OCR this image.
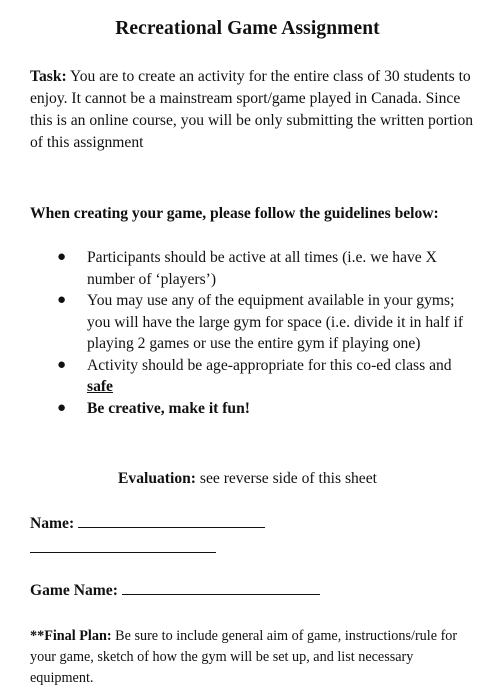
Recreational Game Assignment
Task: You are to create an activity for the entire class of 30 students to enjoy. It cannot be a mainstream sport/game played in Canada. Since this is an online course, you will be only submitting the written portion of this assignment
When creating your game, please follow the guidelines below:
● Participants should be active at all times (i.e. we have X number of ‘players’)
● You may use any of the equipment available in your gyms; you will have the large gym for space (i.e. divide it in half if playing 2 games or use the entire gym if playing one)
● Activity should be age-appropriate for this co-ed class and safe
● Be creative, make it fun!
Evaluation: see reverse side of this sheet
Name:
Game Name:
**Final Plan: Be sure to include general aim of game, instructions/rule for your game, sketch of how the gym will be set up, and list necessary equipment.
